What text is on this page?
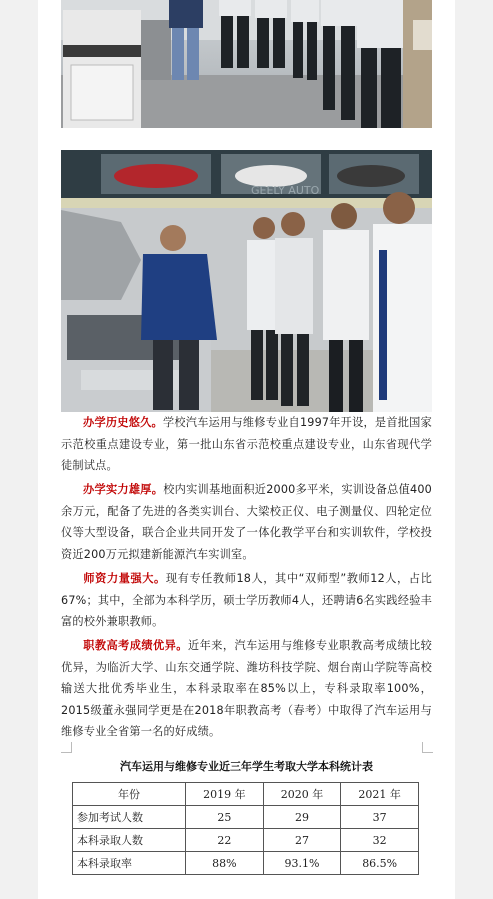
GEELY AUTO
办学历史悠久。学校汽车运用与维修专业自1997年开设，是首批国家示范校重点建设专业，第一批山东省示范校重点建设专业，山东省现代学徒制试点。
办学实力雄厚。校内实训基地面积近2000多平米，实训设备总值400余万元，配备了先进的各类实训台、大梁校正仪、电子测量仪、四轮定位仪等大型设备，联合企业共同开发了一体化教学平台和实训软件，学校投资近200万元拟建新能源汽车实训室。
师资力量强大。现有专任教师18人，其中“双师型”教师12人，占比67%；其中，全部为本科学历，硕士学历教师4人，还聘请6名实践经验丰富的校外兼职教师。
职教高考成绩优异。近年来，汽车运用与维修专业职教高考成绩比较优异，为临沂大学、山东交通学院、潍坊科技学院、烟台南山学院等高校输送大批优秀毕业生，本科录取率在85%以上，专科录取率100%，2015级董永强同学更是在2018年职教高考（春考）中取得了汽车运用与维修专业全省第一名的好成绩。
汽车运用与维修专业近三年学生考取大学本科统计表
年份	2019 年	2020 年	2021 年
参加考试人数	25	29	37
本科录取人数	22	27	32
本科录取率	88%	93.1%	86.5%
